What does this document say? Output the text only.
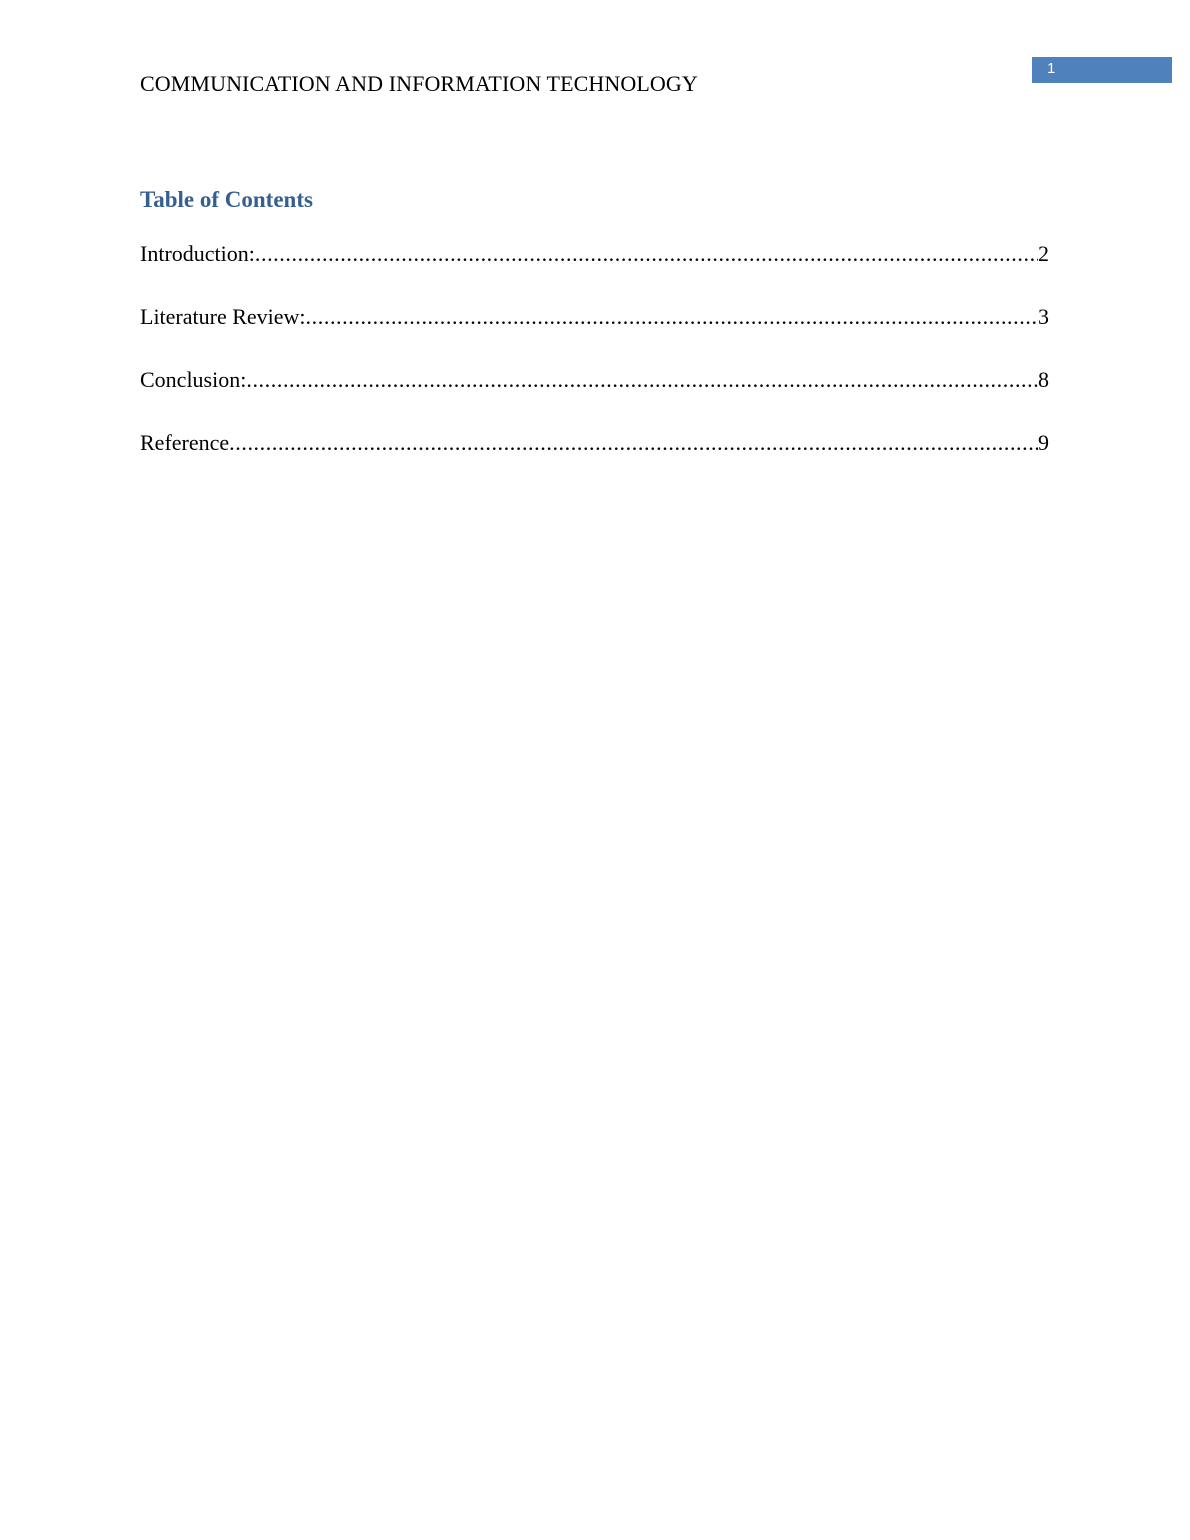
COMMUNICATION AND INFORMATION TECHNOLOGY
1
Table of Contents
Introduction: .....	2
Literature Review: .....	3
Conclusion: .....	8
Reference .....	9
